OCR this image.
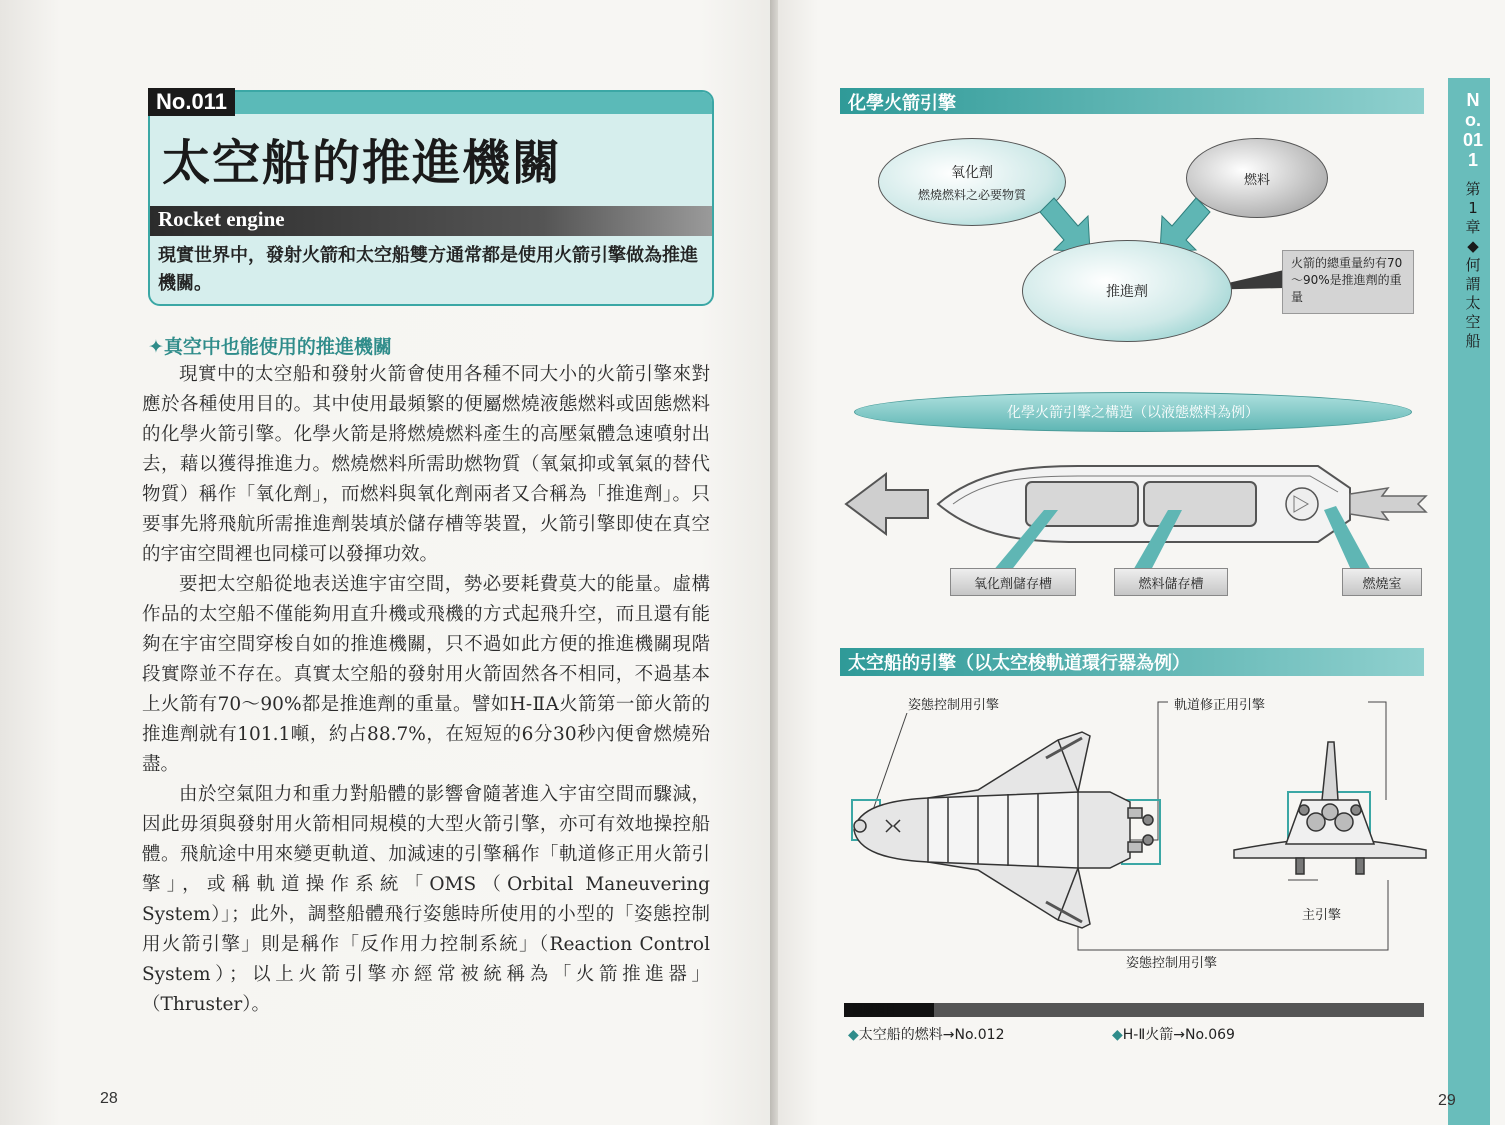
太空船的推進機關
Rocket engine
現實世界中，發射火箭和太空船雙方通常都是使用火箭引擎做為推進機關。
No.011
✦真空中也能使用的推進機關

現實中的太空船和發射火箭會使用各種不同大小的火箭引擎來對應於各種使用目的。其中使用最頻繁的便屬燃燒液態燃料或固態燃料的化學火箭引擎。化學火箭是將燃燒燃料產生的高壓氣體急速噴射出去，藉以獲得推進力。燃燒燃料所需助燃物質（氧氣抑或氧氣的替代物質）稱作「氧化劑」，而燃料與氧化劑兩者又合稱為「推進劑」。只要事先將飛航所需推進劑裝填於儲存槽等裝置，火箭引擎即使在真空的宇宙空間裡也同樣可以發揮功效。

要把太空船從地表送進宇宙空間，勢必要耗費莫大的能量。虛構作品的太空船不僅能夠用直升機或飛機的方式起飛升空，而且還有能夠在宇宙空間穿梭自如的推進機關，只不過如此方便的推進機關現階段實際並不存在。真實太空船的發射用火箭固然各不相同，不過基本上火箭有70～90%都是推進劑的重量。譬如H-ⅡA火箭第一節火箭的推進劑就有101.1噸，約占88.7%，在短短的6分30秒內便會燃燒殆盡。

由於空氣阻力和重力對船體的影響會隨著進入宇宙空間而驟減，因此毋須與發射用火箭相同規模的大型火箭引擎，亦可有效地操控船體。飛航途中用來變更軌道、加減速的引擎稱作「軌道修正用火箭引擎」，或稱軌道操作系統「OMS（Orbital Maneuvering System）」；此外，調整船體飛行姿態時所使用的小型的「姿態控制用火箭引擎」則是稱作「反作用力控制系統」（Reaction Control System）；以上火箭引擎亦經常被統稱為「火箭推進器」（Thruster）。

28
No.011
第1章◆何謂太空船
化學火箭引擎
氧化劑
燃燒燃料之必要物質
燃料
推進劑
火箭的總重量約有70～90%是推進劑的重量
化學火箭引擎之構造（以液態燃料為例）
氧化劑儲存槽	燃料儲存槽	燃燒室
太空船的引擎（以太空梭軌道環行器為例）
姿態控制用引擎	軌道修正用引擎
主引擎
姿態控制用引擎
關聯項目
◆太空船的燃料→No.012	◆H-Ⅱ火箭→No.069
29
